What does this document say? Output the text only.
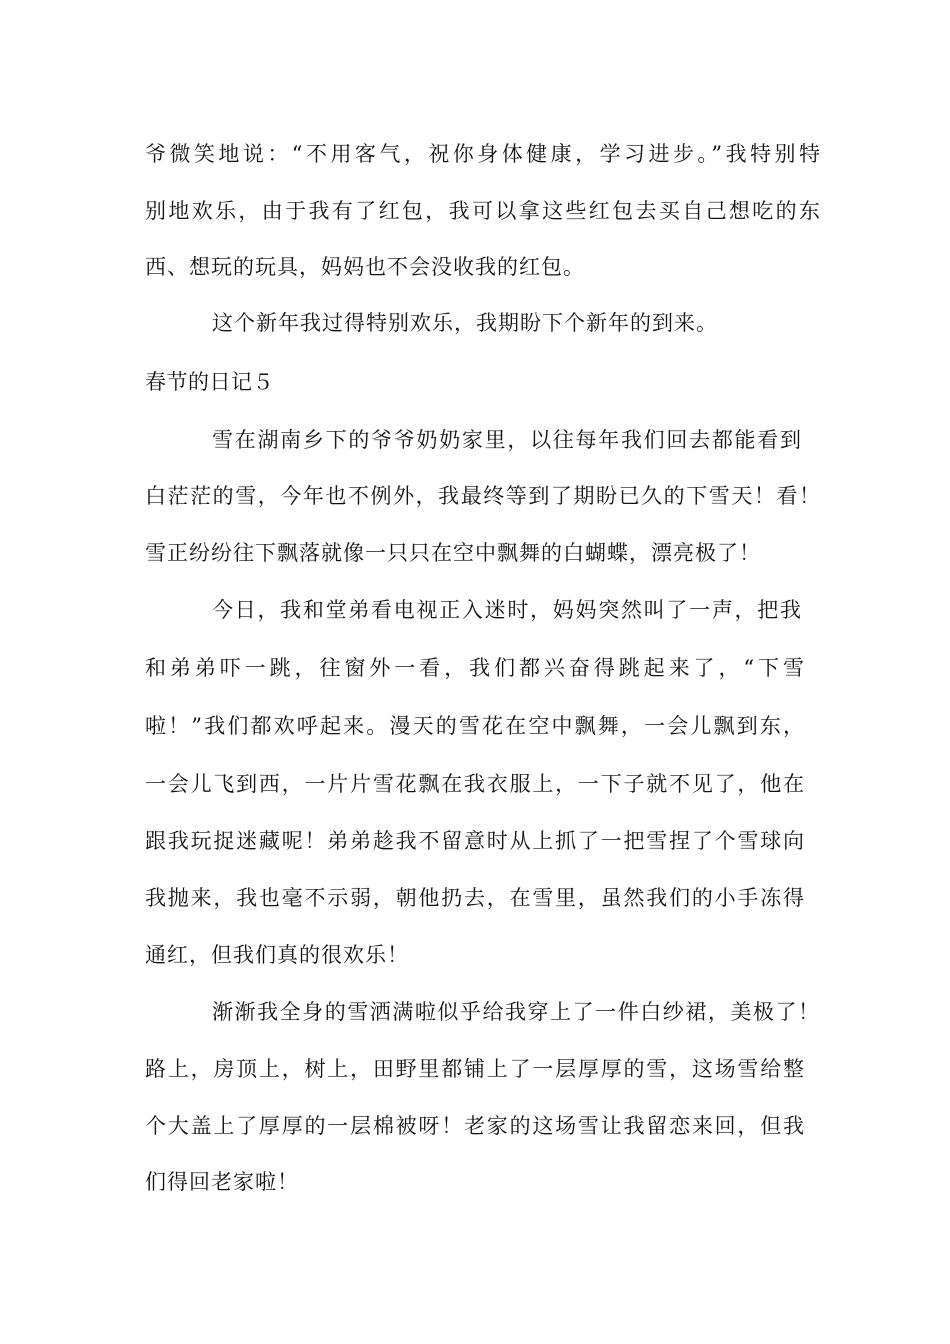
爷微笑地说：“不用客气，祝你身体健康，学习进步。”我特别特
别地欢乐，由于我有了红包，我可以拿这些红包去买自己想吃的东
西、想玩的玩具，妈妈也不会没收我的红包。
这个新年我过得特别欢乐，我期盼下个新年的到来。
春节的日记５
雪在湖南乡下的爷爷奶奶家里，以往每年我们回去都能看到
白茫茫的雪，今年也不例外，我最终等到了期盼已久的下雪天！看！
雪正纷纷往下飘落就像一只只在空中飘舞的白蝴蝶，漂亮极了！
今日，我和堂弟看电视正入迷时，妈妈突然叫了一声，把我
和弟弟吓一跳，往窗外一看，我们都兴奋得跳起来了，“下雪
啦！”我们都欢呼起来。漫天的雪花在空中飘舞，一会儿飘到东，
一会儿飞到西，一片片雪花飘在我衣服上，一下子就不见了，他在
跟我玩捉迷藏呢！弟弟趁我不留意时从上抓了一把雪捏了个雪球向
我抛来，我也毫不示弱，朝他扔去，在雪里，虽然我们的小手冻得
通红，但我们真的很欢乐！
渐渐我全身的雪洒满啦似乎给我穿上了一件白纱裙，美极了！
路上，房顶上，树上，田野里都铺上了一层厚厚的雪，这场雪给整
个大盖上了厚厚的一层棉被呀！老家的这场雪让我留恋来回，但我
们得回老家啦！
